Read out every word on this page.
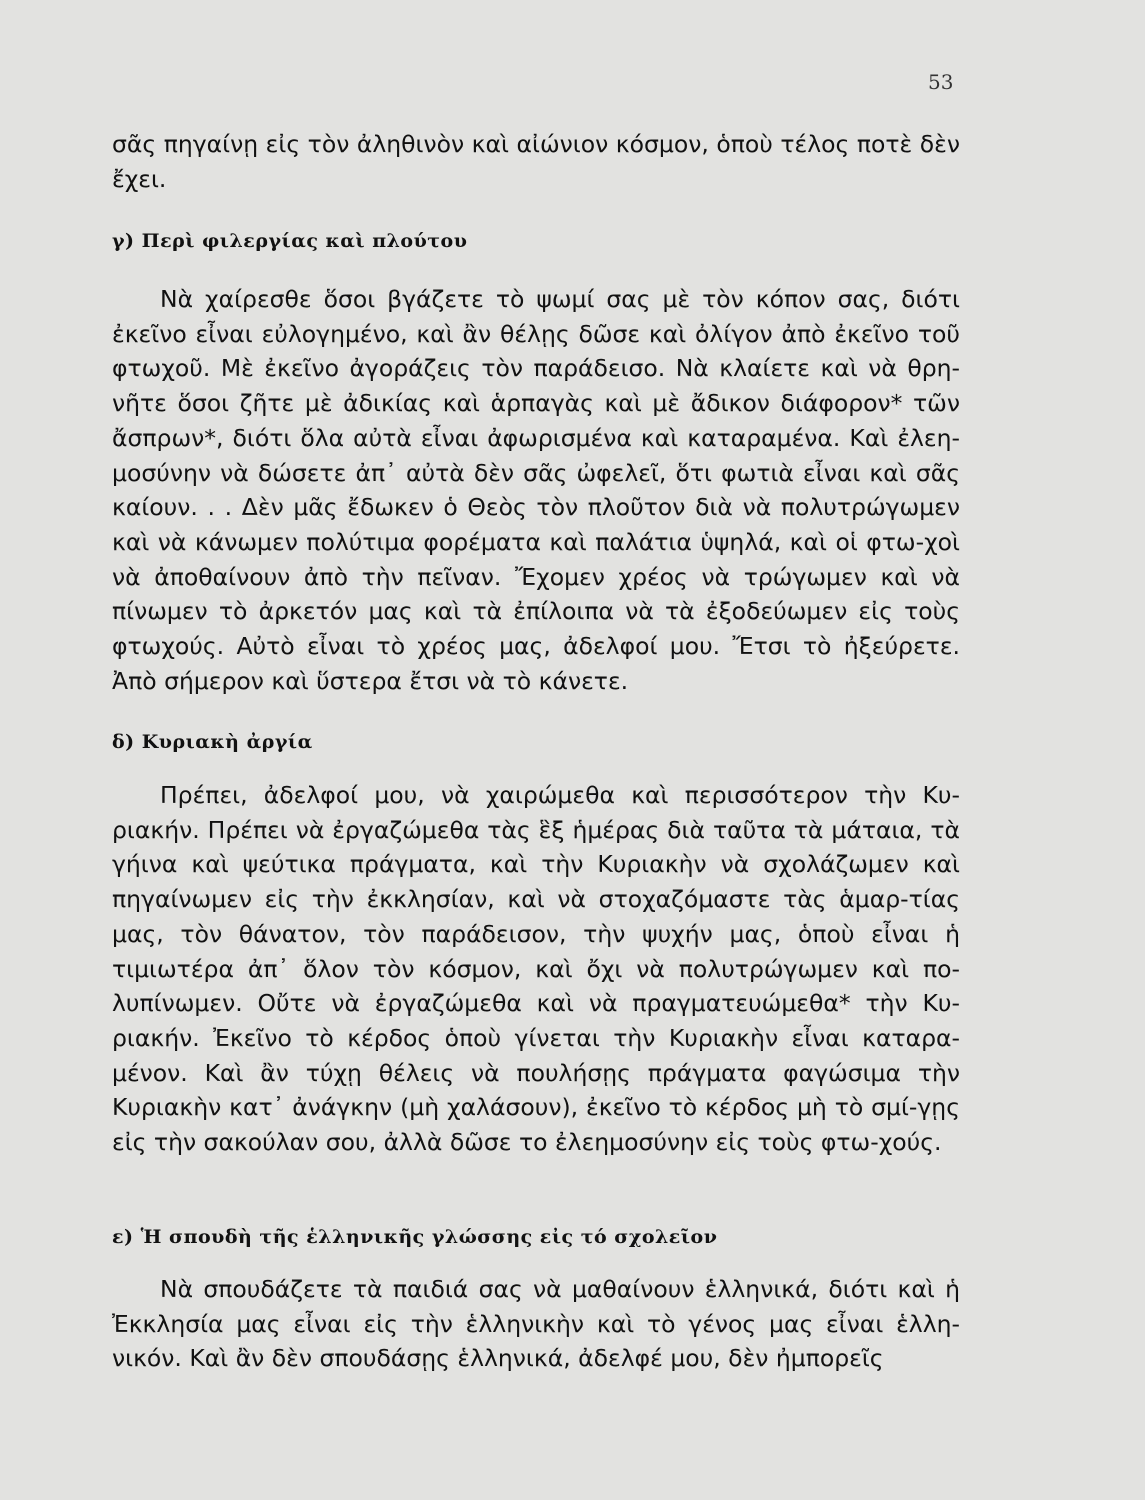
53
σᾶς πηγαίνῃ εἰς τὸν ἀληθινὸν καὶ αἰώνιον κόσμον, ὁποὺ τέλος ποτὲ δὲν ἔχει.
γ) Περὶ φιλεργίας καὶ πλούτου
Νὰ χαίρεσθε ὅσοι βγάζετε τὸ ψωμί σας μὲ τὸν κόπον σας, διότι ἐκεῖνο εἶναι εὐλογημένο, καὶ ἂν θέλῃς δῶσε καὶ ὀλίγον ἀπὸ ἐκεῖνο τοῦ φτωχοῦ. Μὲ ἐκεῖνο ἀγοράζεις τὸν παράδεισο. Νὰ κλαίετε καὶ νὰ θρη-νῆτε ὅσοι ζῆτε μὲ ἀδικίας καὶ ἁρπαγὰς καὶ μὲ ἄδικον διάφορον* τῶν ἄσπρων*, διότι ὅλα αὐτὰ εἶναι ἀφωρισμένα καὶ καταραμένα. Καὶ ἐλεη-μοσύνην νὰ δώσετε ἀπ᾽ αὐτὰ δὲν σᾶς ὠφελεῖ, ὅτι φωτιὰ εἶναι καὶ σᾶς καίουν. . . Δὲν μᾶς ἔδωκεν ὁ Θεὸς τὸν πλοῦτον διὰ νὰ πολυτρώγωμεν καὶ νὰ κάνωμεν πολύτιμα φορέματα καὶ παλάτια ὑψηλά, καὶ οἱ φτω-χοὶ νὰ ἀποθαίνουν ἀπὸ τὴν πεῖναν. Ἔχομεν χρέος νὰ τρώγωμεν καὶ νὰ πίνωμεν τὸ ἀρκετόν μας καὶ τὰ ἐπίλοιπα νὰ τὰ ἐξοδεύωμεν εἰς τοὺς φτωχούς. Αὐτὸ εἶναι τὸ χρέος μας, ἀδελφοί μου. Ἔτσι τὸ ἠξεύρετε. Ἀπὸ σήμερον καὶ ὕστερα ἔτσι νὰ τὸ κάνετε.
δ) Κυριακὴ ἀργία
Πρέπει, ἀδελφοί μου, νὰ χαιρώμεθα καὶ περισσότερον τὴν Κυ-ριακήν. Πρέπει νὰ ἐργαζώμεθα τὰς ἓξ ἡμέρας διὰ ταῦτα τὰ μάταια, τὰ γήινα καὶ ψεύτικα πράγματα, καὶ τὴν Κυριακὴν νὰ σχολάζωμεν καὶ πηγαίνωμεν εἰς τὴν ἐκκλησίαν, καὶ νὰ στοχαζόμαστε τὰς ἁμαρ-τίας μας, τὸν θάνατον, τὸν παράδεισον, τὴν ψυχήν μας, ὁποὺ εἶναι ἡ τιμιωτέρα ἀπ᾽ ὅλον τὸν κόσμον, καὶ ὄχι νὰ πολυτρώγωμεν καὶ πο-λυπίνωμεν. Οὔτε νὰ ἐργαζώμεθα καὶ νὰ πραγματευώμεθα* τὴν Κυ-ριακήν. Ἐκεῖνο τὸ κέρδος ὁποὺ γίνεται τὴν Κυριακὴν εἶναι καταρα-μένον. Καὶ ἂν τύχῃ θέλεις νὰ πουλήσῃς πράγματα φαγώσιμα τὴν Κυριακὴν κατ᾽ ἀνάγκην (μὴ χαλάσουν), ἐκεῖνο τὸ κέρδος μὴ τὸ σμί-γῃς εἰς τὴν σακούλαν σου, ἀλλὰ δῶσε το ἐλεημοσύνην εἰς τοὺς φτω-χούς.
ε) Ἡ σπουδὴ τῆς ἑλληνικῆς γλώσσης εἰς τό σχολεῖον
Νὰ σπουδάζετε τὰ παιδιά σας νὰ μαθαίνουν ἑλληνικά, διότι καὶ ἡ Ἐκκλησία μας εἶναι εἰς τὴν ἑλληνικὴν καὶ τὸ γένος μας εἶναι ἑλλη-νικόν. Καὶ ἂν δὲν σπουδάσῃς ἑλληνικά, ἀδελφέ μου, δὲν ἠμπορεῖς
